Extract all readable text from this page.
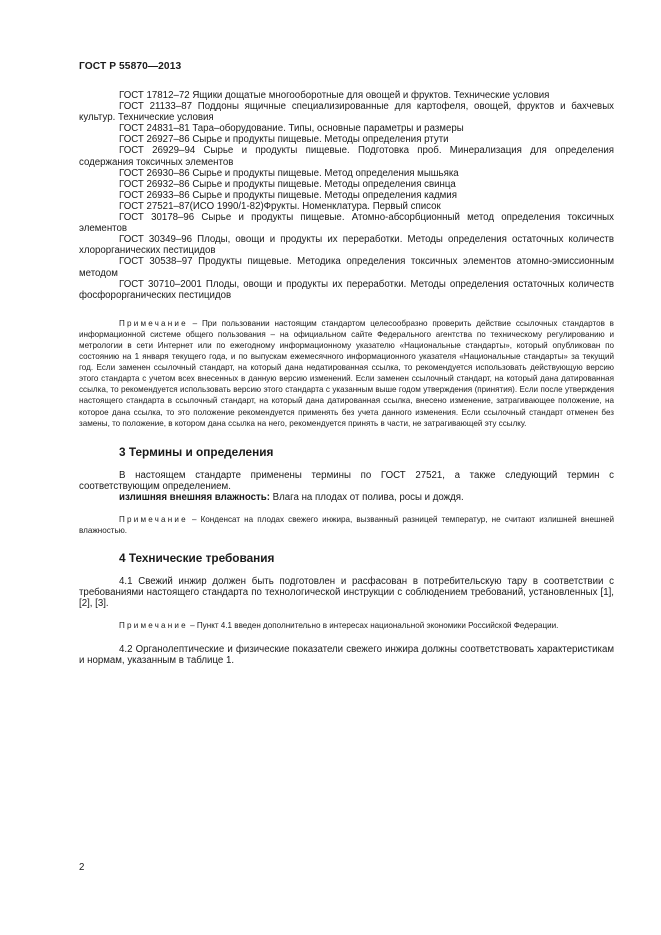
ГОСТ Р 55870—2013

ГОСТ 17812–72 Ящики дощатые многооборотные для овощей и фруктов. Технические условия

ГОСТ 21133–87 Поддоны ящичные специализированные для картофеля, овощей, фруктов и бахчевых культур. Технические условия

ГОСТ 24831–81 Тара–оборудование. Типы, основные параметры и размеры

ГОСТ 26927–86 Сырье и продукты пищевые. Методы определения ртути

ГОСТ 26929–94 Сырье и продукты пищевые. Подготовка проб. Минерализация для определения содержания токсичных элементов

ГОСТ 26930–86 Сырье и продукты пищевые. Метод определения мышьяка

ГОСТ 26932–86 Сырье и продукты пищевые. Методы определения свинца

ГОСТ 26933–86 Сырье и продукты пищевые. Методы определения кадмия

ГОСТ 27521–87(ИСО 1990/1-82)Фрукты. Номенклатура. Первый список

ГОСТ 30178–96 Сырье и продукты пищевые. Атомно-абсорбционный метод определения токсичных элементов

ГОСТ 30349–96 Плоды, овощи и продукты их переработки. Методы определения остаточных количеств хлорорганических пестицидов

ГОСТ 30538–97 Продукты пищевые. Методика определения токсичных элементов атомно-эмиссионным методом

ГОСТ 30710–2001 Плоды, овощи и продукты их переработки. Методы определения остаточных количеств фосфорорганических пестицидов

Примечание – При пользовании настоящим стандартом целесообразно проверить действие ссылочных стандартов в информационной системе общего пользования – на официальном сайте Федерального агентства по техническому регулированию и метрологии в сети Интернет или по ежегодному информационному указателю «Национальные стандарты», который опубликован по состоянию на 1 января текущего года, и по выпускам ежемесячного информационного указателя «Национальные стандарты» за текущий год. Если заменен ссылочный стандарт, на который дана недатированная ссылка, то рекомендуется использовать действующую версию этого стандарта с учетом всех внесенных в данную версию изменений. Если заменен ссылочный стандарт, на который дана датированная ссылка, то рекомендуется использовать версию этого стандарта с указанным выше годом утверждения (принятия). Если после утверждения настоящего стандарта в ссылочный стандарт, на который дана датированная ссылка, внесено изменение, затрагивающее положение, на которое дана ссылка, то это положение рекомендуется применять без учета данного изменения. Если ссылочный стандарт отменен без замены, то положение, в котором дана ссылка на него, рекомендуется принять в части, не затрагивающей эту ссылку.

3 Термины и определения

В настоящем стандарте применены термины по ГОСТ 27521, а также следующий термин с соответствующим определением.

излишняя внешняя влажность: Влага на плодах от полива, росы и дождя.

Примечание – Конденсат на плодах свежего инжира, вызванный разницей температур, не считают излишней внешней влажностью.

4 Технические требования

4.1 Свежий инжир должен быть подготовлен и расфасован в потребительскую тару в соответствии с требованиями настоящего стандарта по технологической инструкции с соблюдением требований, установленных [1], [2], [3].

Примечание – Пункт 4.1 введен дополнительно в интересах национальной экономики Российской Федерации.

4.2 Органолептические и физические показатели свежего инжира должны соответствовать характеристикам и нормам, указанным в таблице 1.

2
